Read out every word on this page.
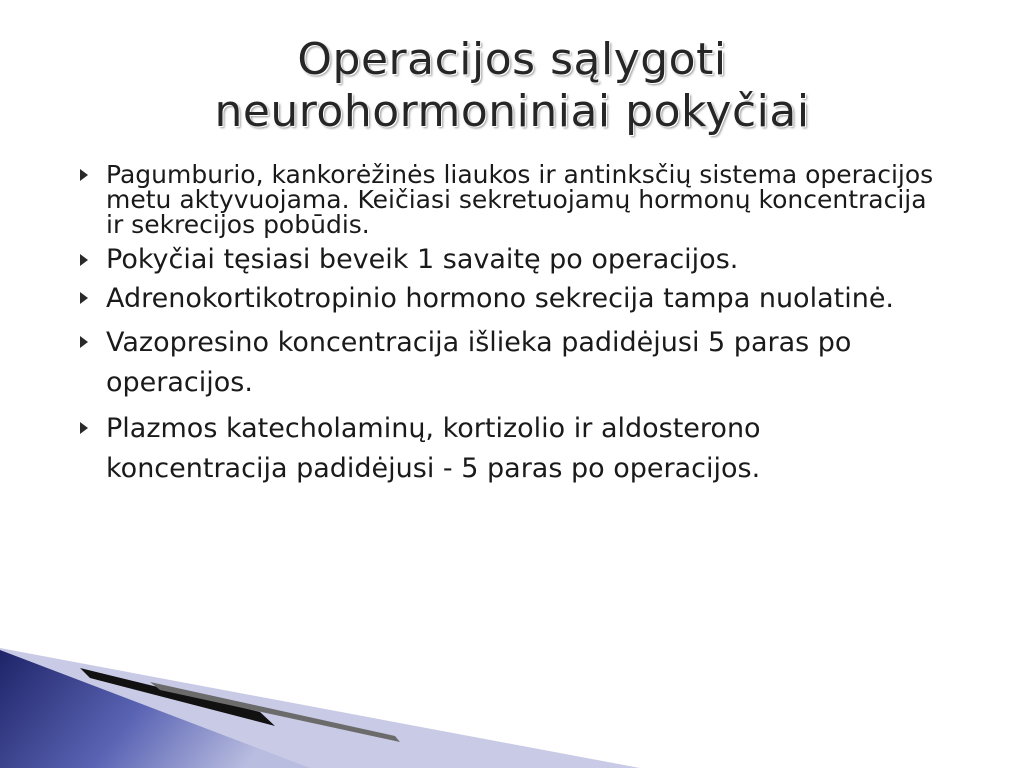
Operacijos sąlygoti
neurohormoniniai pokyčiai
Pagumburio, kankorėžinės liaukos ir antinksčių sistema operacijos metu aktyvuojama. Keičiasi sekretuojamų hormonų koncentracija ir sekrecijos pobūdis.
Pokyčiai tęsiasi beveik 1 savaitę po operacijos.
Adrenokortikotropinio hormono sekrecija tampa nuolatinė.
Vazopresino koncentracija išlieka padidėjusi 5 paras po operacijos.
Plazmos katecholaminų, kortizolio ir aldosterono koncentracija padidėjusi - 5 paras po operacijos.
